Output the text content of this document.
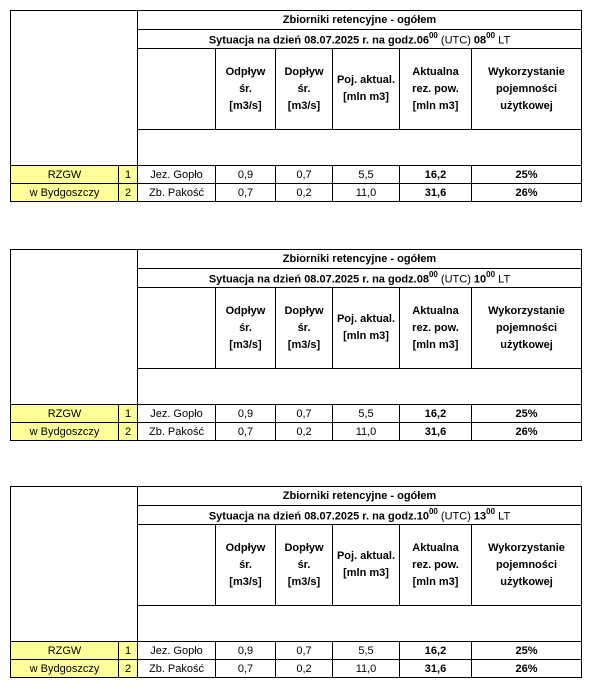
		Zbiorniki retencyjne - ogółem					
		Sytuacja na dzień 08.07.2025 r. na $godz.06^{00}$ (UTC) $08^{00}$ LT					

			Odpływ
śr.
[m3/s]	Dopływ
śr.
[m3/s]	Poj. aktual.
[mln m3]	Aktualna
rez. pow.
[mln m3]	Wykorzystanie
pojemności
użytkowej

RZGW	1	Jez. Gopło	0,9	0,7	5,5	16,2	25%
w Bydgoszczy	2	Zb. Pakość	0,7	0,2	11,0	31,6	26%
		Zbiorniki retencyjne - ogółem					
		Sytuacja na dzień 08.07.2025 r. na $godz.08^{00}$ (UTC) $10^{00}$ LT					

			Odpływ
śr.
[m3/s]	Dopływ
śr.
[m3/s]	Poj. aktual.
[mln m3]	Aktualna
rez. pow.
[mln m3]	Wykorzystanie
pojemności
użytkowej

RZGW	1	Jez. Gopło	0,9	0,7	5,5	16,2	25%
w Bydgoszczy	2	Zb. Pakość	0,7	0,2	11,0	31,6	26%
		Zbiorniki retencyjne - ogółem					
		Sytuacja na dzień 08.07.2025 r. na $godz.10^{00}$ (UTC) $13^{00}$ LT					

			Odpływ
śr.
[m3/s]	Dopływ
śr.
[m3/s]	Poj. aktual.
[mln m3]	Aktualna
rez. pow.
[mln m3]	Wykorzystanie
pojemności
użytkowej

RZGW	1	Jez. Gopło	0,9	0,7	5,5	16,2	25%
w Bydgoszczy	2	Zb. Pakość	0,7	0,2	11,0	31,6	26%
